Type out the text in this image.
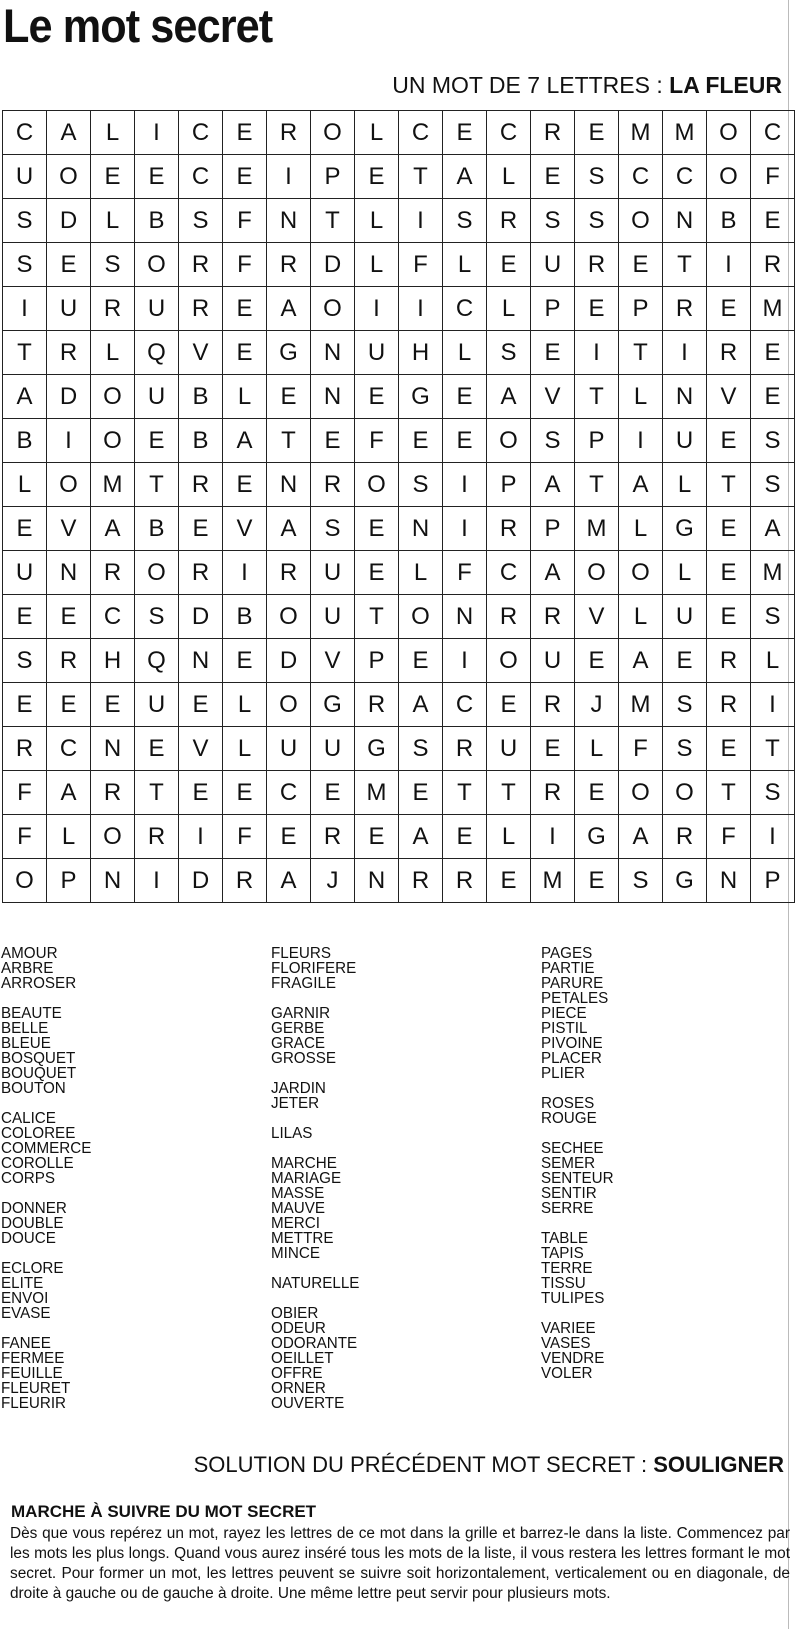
Le mot secret
UN MOT DE 7 LETTRES : LA FLEUR
C	A	L	I	C	E	R	O	L	C	E	C	R	E	M	M	O	C
U	O	E	E	C	E	I	P	E	T	A	L	E	S	C	C	O	F
S	D	L	B	S	F	N	T	L	I	S	R	S	S	O	N	B	E
S	E	S	O	R	F	R	D	L	F	L	E	U	R	E	T	I	R
I	U	R	U	R	E	A	O	I	I	C	L	P	E	P	R	E	M
T	R	L	Q	V	E	G	N	U	H	L	S	E	I	T	I	R	E
A	D	O	U	B	L	E	N	E	G	E	A	V	T	L	N	V	E
B	I	O	E	B	A	T	E	F	E	E	O	S	P	I	U	E	S
L	O	M	T	R	E	N	R	O	S	I	P	A	T	A	L	T	S
E	V	A	B	E	V	A	S	E	N	I	R	P	M	L	G	E	A
U	N	R	O	R	I	R	U	E	L	F	C	A	O	O	L	E	M
E	E	C	S	D	B	O	U	T	O	N	R	R	V	L	U	E	S
S	R	H	Q	N	E	D	V	P	E	I	O	U	E	A	E	R	L
E	E	E	U	E	L	O	G	R	A	C	E	R	J	M	S	R	I
R	C	N	E	V	L	U	U	G	S	R	U	E	L	F	S	E	T
F	A	R	T	E	E	C	E	M	E	T	T	R	E	O	O	T	S
F	L	O	R	I	F	E	R	E	A	E	L	I	G	A	R	F	I
O	P	N	I	D	R	A	J	N	R	R	E	M	E	S	G	N	P
AMOUR
ARBRE
ARROSER
BEAUTE
BELLE
BLEUE
BOSQUET
BOUQUET
BOUTON
CALICE
COLOREE
COMMERCE
COROLLE
CORPS
DONNER
DOUBLE
DOUCE
ECLORE
ELITE
ENVOI
EVASE
FANEE
FERMEE
FEUILLE
FLEURET
FLEURIR
FLEURS
FLORIFERE
FRAGILE
GARNIR
GERBE
GRACE
GROSSE
JARDIN
JETER
LILAS
MARCHE
MARIAGE
MASSE
MAUVE
MERCI
METTRE
MINCE
NATURELLE
OBIER
ODEUR
ODORANTE
OEILLET
OFFRE
ORNER
OUVERTE
PAGES
PARTIE
PARURE
PETALES
PIECE
PISTIL
PIVOINE
PLACER
PLIER
ROSES
ROUGE
SECHEE
SEMER
SENTEUR
SENTIR
SERRE
TABLE
TAPIS
TERRE
TISSU
TULIPES
VARIEE
VASES
VENDRE
VOLER
SOLUTION DU PRÉCÉDENT MOT SECRET : SOULIGNER
MARCHE À SUIVRE DU MOT SECRET
Dès que vous repérez un mot, rayez les lettres de ce mot dans la grille et barrez-le dans la liste. Commencez par les mots les plus longs. Quand vous aurez inséré tous les mots de la liste, il vous restera les lettres formant le mot secret. Pour former un mot, les lettres peuvent se suivre soit horizontalement, verticalement ou en diagonale, de droite à gauche ou de gauche à droite. Une même lettre peut servir pour plusieurs mots.
